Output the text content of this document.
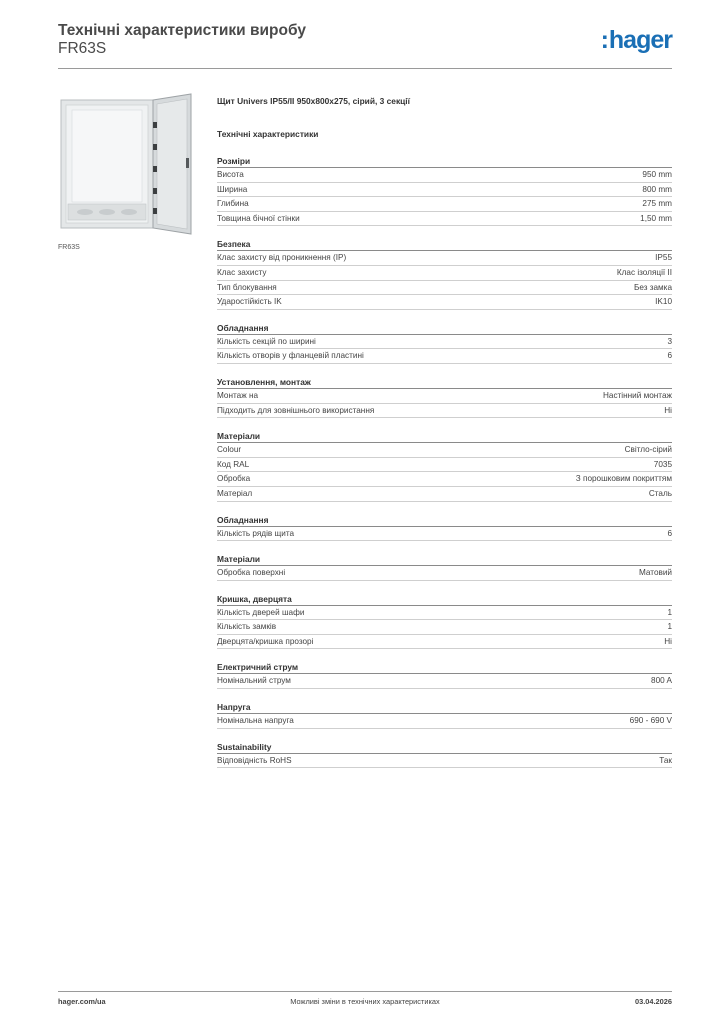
Технічні характеристики виробу
FR63S	:hager
FR63S
Щит Univers IP55/II 950x800x275, сірий, 3 секції
Технічні характеристики
Розміри
Висота	950 mm
Ширина	800 mm
Глибина	275 mm
Товщина бічної стінки	1,50 mm
Безпека
Клас захисту від проникнення (IP)	IP55
Клас захисту	Клас ізоляції II
Тип блокування	Без замка
Ударостійкість IK	IK10
Обладнання
Кількість секцій по ширині	3
Кількість отворів у фланцевій пластині	6
Установлення, монтаж
Монтаж на	Настінний монтаж
Підходить для зовнішнього використання	Ні
Матеріали
Colour	Світло-сірий
Код RAL	7035
Обробка	З порошковим покриттям
Матеріал	Сталь
Обладнання
Кількість рядів щита	6
Матеріали
Обробка поверхні	Матовий
Кришка, дверцята
Кількість дверей шафи	1
Кількість замків	1
Дверцята/кришка прозорі	Ні
Електричний струм
Номінальний струм	800 A
Напруга
Номінальна напруга	690 - 690 V
Sustainability
Відповідність RoHS	Так
hager.com/ua	Можливі зміни в технічних характеристиках	03.04.2026
